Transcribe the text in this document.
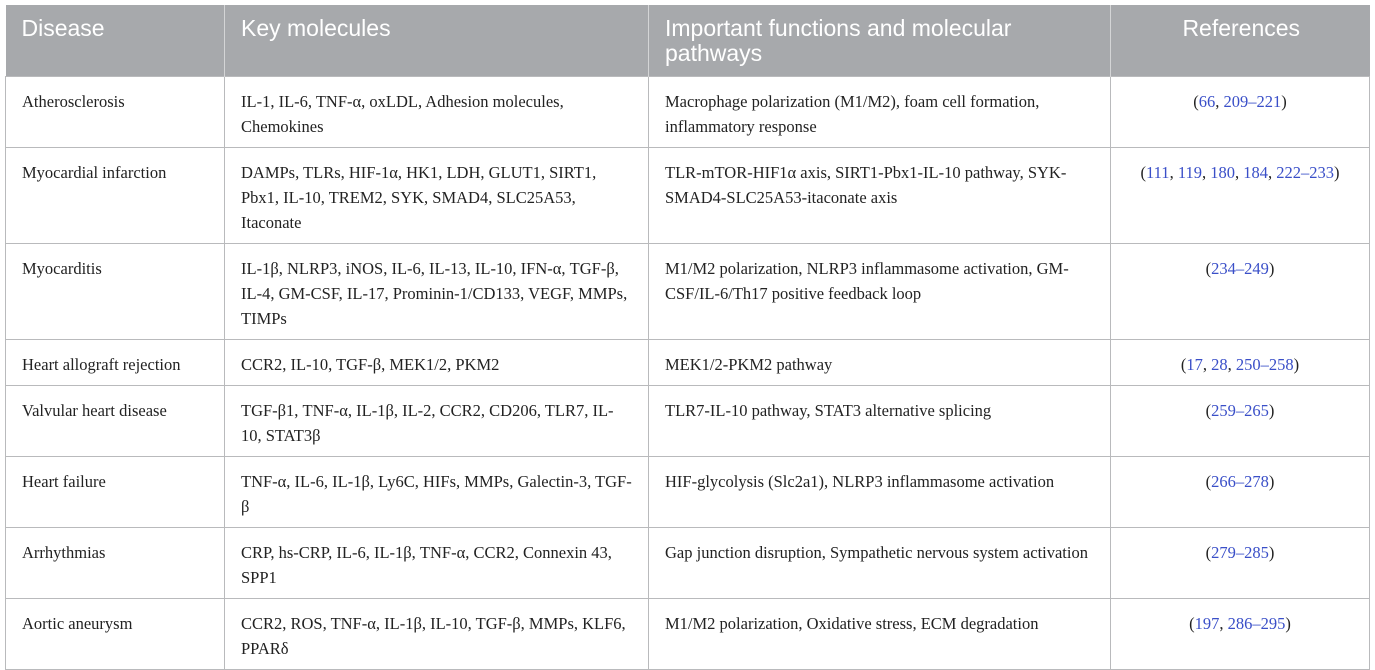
Disease	Key molecules	Important functions and molecular pathways	References
Atherosclerosis	IL-1, IL-6, TNF-α, oxLDL, Adhesion molecules, Chemokines	Macrophage polarization (M1/M2), foam cell formation, inflammatory response	(66, 209–221)
Myocardial infarction	DAMPs, TLRs, HIF-1α, HK1, LDH, GLUT1, SIRT1, Pbx1, IL-10, TREM2, SYK, SMAD4, SLC25A53, Itaconate	TLR-mTOR-HIF1α axis, SIRT1-Pbx1-IL-10 pathway, SYK-SMAD4-SLC25A53-itaconate axis	(111, 119, 180, 184, 222–233)
Myocarditis	IL-1β, NLRP3, iNOS, IL-6, IL-13, IL-10, IFN-α, TGF-β, IL-4, GM-CSF, IL-17, Prominin-1/CD133, VEGF, MMPs, TIMPs	M1/M2 polarization, NLRP3 inflammasome activation, GM-CSF/IL-6/Th17 positive feedback loop	(234–249)
Heart allograft rejection	CCR2, IL-10, TGF-β, MEK1/2, PKM2	MEK1/2-PKM2 pathway	(17, 28, 250–258)
Valvular heart disease	TGF-β1, TNF-α, IL-1β, IL-2, CCR2, CD206, TLR7, IL-10, STAT3β	TLR7-IL-10 pathway, STAT3 alternative splicing	(259–265)
Heart failure	TNF-α, IL-6, IL-1β, Ly6C, HIFs, MMPs, Galectin-3, TGF-β	HIF-glycolysis (Slc2a1), NLRP3 inflammasome activation	(266–278)
Arrhythmias	CRP, hs-CRP, IL-6, IL-1β, TNF-α, CCR2, Connexin 43, SPP1	Gap junction disruption, Sympathetic nervous system activation	(279–285)
Aortic aneurysm	CCR2, ROS, TNF-α, IL-1β, IL-10, TGF-β, MMPs, KLF6, PPARδ	M1/M2 polarization, Oxidative stress, ECM degradation	(197, 286–295)
